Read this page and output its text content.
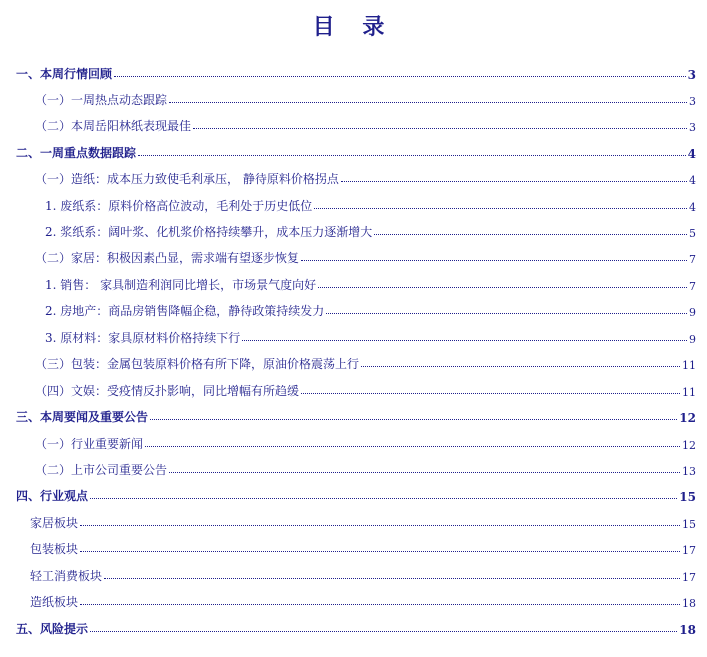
目 录
一、本周行情回顾	3
（一）一周热点动态跟踪	3
（二）本周岳阳林纸表现最佳	3
二、一周重点数据跟踪	4
（一）造纸：成本压力致使毛利承压， 静待原料价格拐点	4
1. 废纸系：原料价格高位波动，毛利处于历史低位	4
2. 浆纸系：阔叶浆、化机浆价格持续攀升，成本压力逐渐增大	5
（二）家居：积极因素凸显，需求端有望逐步恢复	7
1. 销售： 家具制造利润同比增长，市场景气度向好	7
2. 房地产：商品房销售降幅企稳，静待政策持续发力	9
3. 原材料：家具原材料价格持续下行	9
（三）包装：金属包装原料价格有所下降，原油价格震荡上行	11
（四）文娱：受疫情反扑影响，同比增幅有所趋缓	11
三、本周要闻及重要公告	12
（一）行业重要新闻	12
（二）上市公司重要公告	13
四、行业观点	15
家居板块	15
包装板块	17
轻工消费板块	17
造纸板块	18
五、风险提示	18
